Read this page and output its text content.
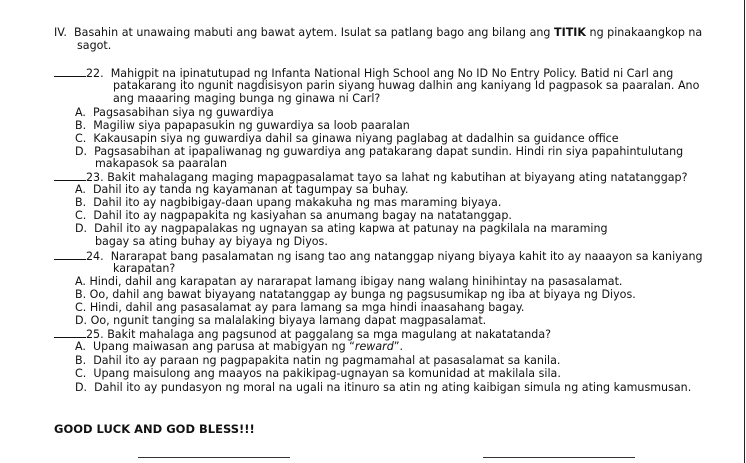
IV. Basahin at unawaing mabuti ang bawat aytem. Isulat sa patlang bago ang bilang ang TITIK ng pinakaangkop na
sagot.
22. Mahigpit na ipinatutupad ng Infanta National High School ang No ID No Entry Policy. Batid ni Carl ang
patakarang ito ngunit nagdisisyon parin siyang huwag dalhin ang kaniyang Id pagpasok sa paaralan. Ano
ang maaaring maging bunga ng ginawa ni Carl?
A. Pagsasabihan siya ng guwardiya
B. Magiliw siya papapasukin ng guwardiya sa loob paaralan
C. Kakausapin siya ng guwardiya dahil sa ginawa niyang paglabag at dadalhin sa guidance office
D. Pagsasabihan at ipapaliwanag ng guwardiya ang patakarang dapat sundin. Hindi rin siya papahintulutang
makapasok sa paaralan
23. Bakit mahalagang maging mapagpasalamat tayo sa lahat ng kabutihan at biyayang ating natatanggap?
A. Dahil ito ay tanda ng kayamanan at tagumpay sa buhay.
B. Dahil ito ay nagbibigay-daan upang makakuha ng mas maraming biyaya.
C. Dahil ito ay nagpapakita ng kasiyahan sa anumang bagay na natatanggap.
D. Dahil ito ay nagpapalakas ng ugnayan sa ating kapwa at patunay na pagkilala na maraming
bagay sa ating buhay ay biyaya ng Diyos.
24. Nararapat bang pasalamatan ng isang tao ang natanggap niyang biyaya kahit ito ay naaayon sa kaniyang
karapatan?
A. Hindi, dahil ang karapatan ay nararapat lamang ibigay nang walang hinihintay na pasasalamat.
B. Oo, dahil ang bawat biyayang natatanggap ay bunga ng pagsusumikap ng iba at biyaya ng Diyos.
C. Hindi, dahil ang pasasalamat ay para lamang sa mga hindi inaasahang bagay.
D. Oo, ngunit tanging sa malalaking biyaya lamang dapat magpasalamat.
25. Bakit mahalaga ang pagsunod at paggalang sa mga magulang at nakatatanda?
A. Upang maiwasan ang parusa at mabigyan ng “reward”.
B. Dahil ito ay paraan ng pagpapakita natin ng pagmamahal at pasasalamat sa kanila.
C. Upang maisulong ang maayos na pakikipag-ugnayan sa komunidad at makilala sila.
D. Dahil ito ay pundasyon ng moral na ugali na itinuro sa atin ng ating kaibigan simula ng ating kamusmusan.
GOOD LUCK AND GOD BLESS!!!
